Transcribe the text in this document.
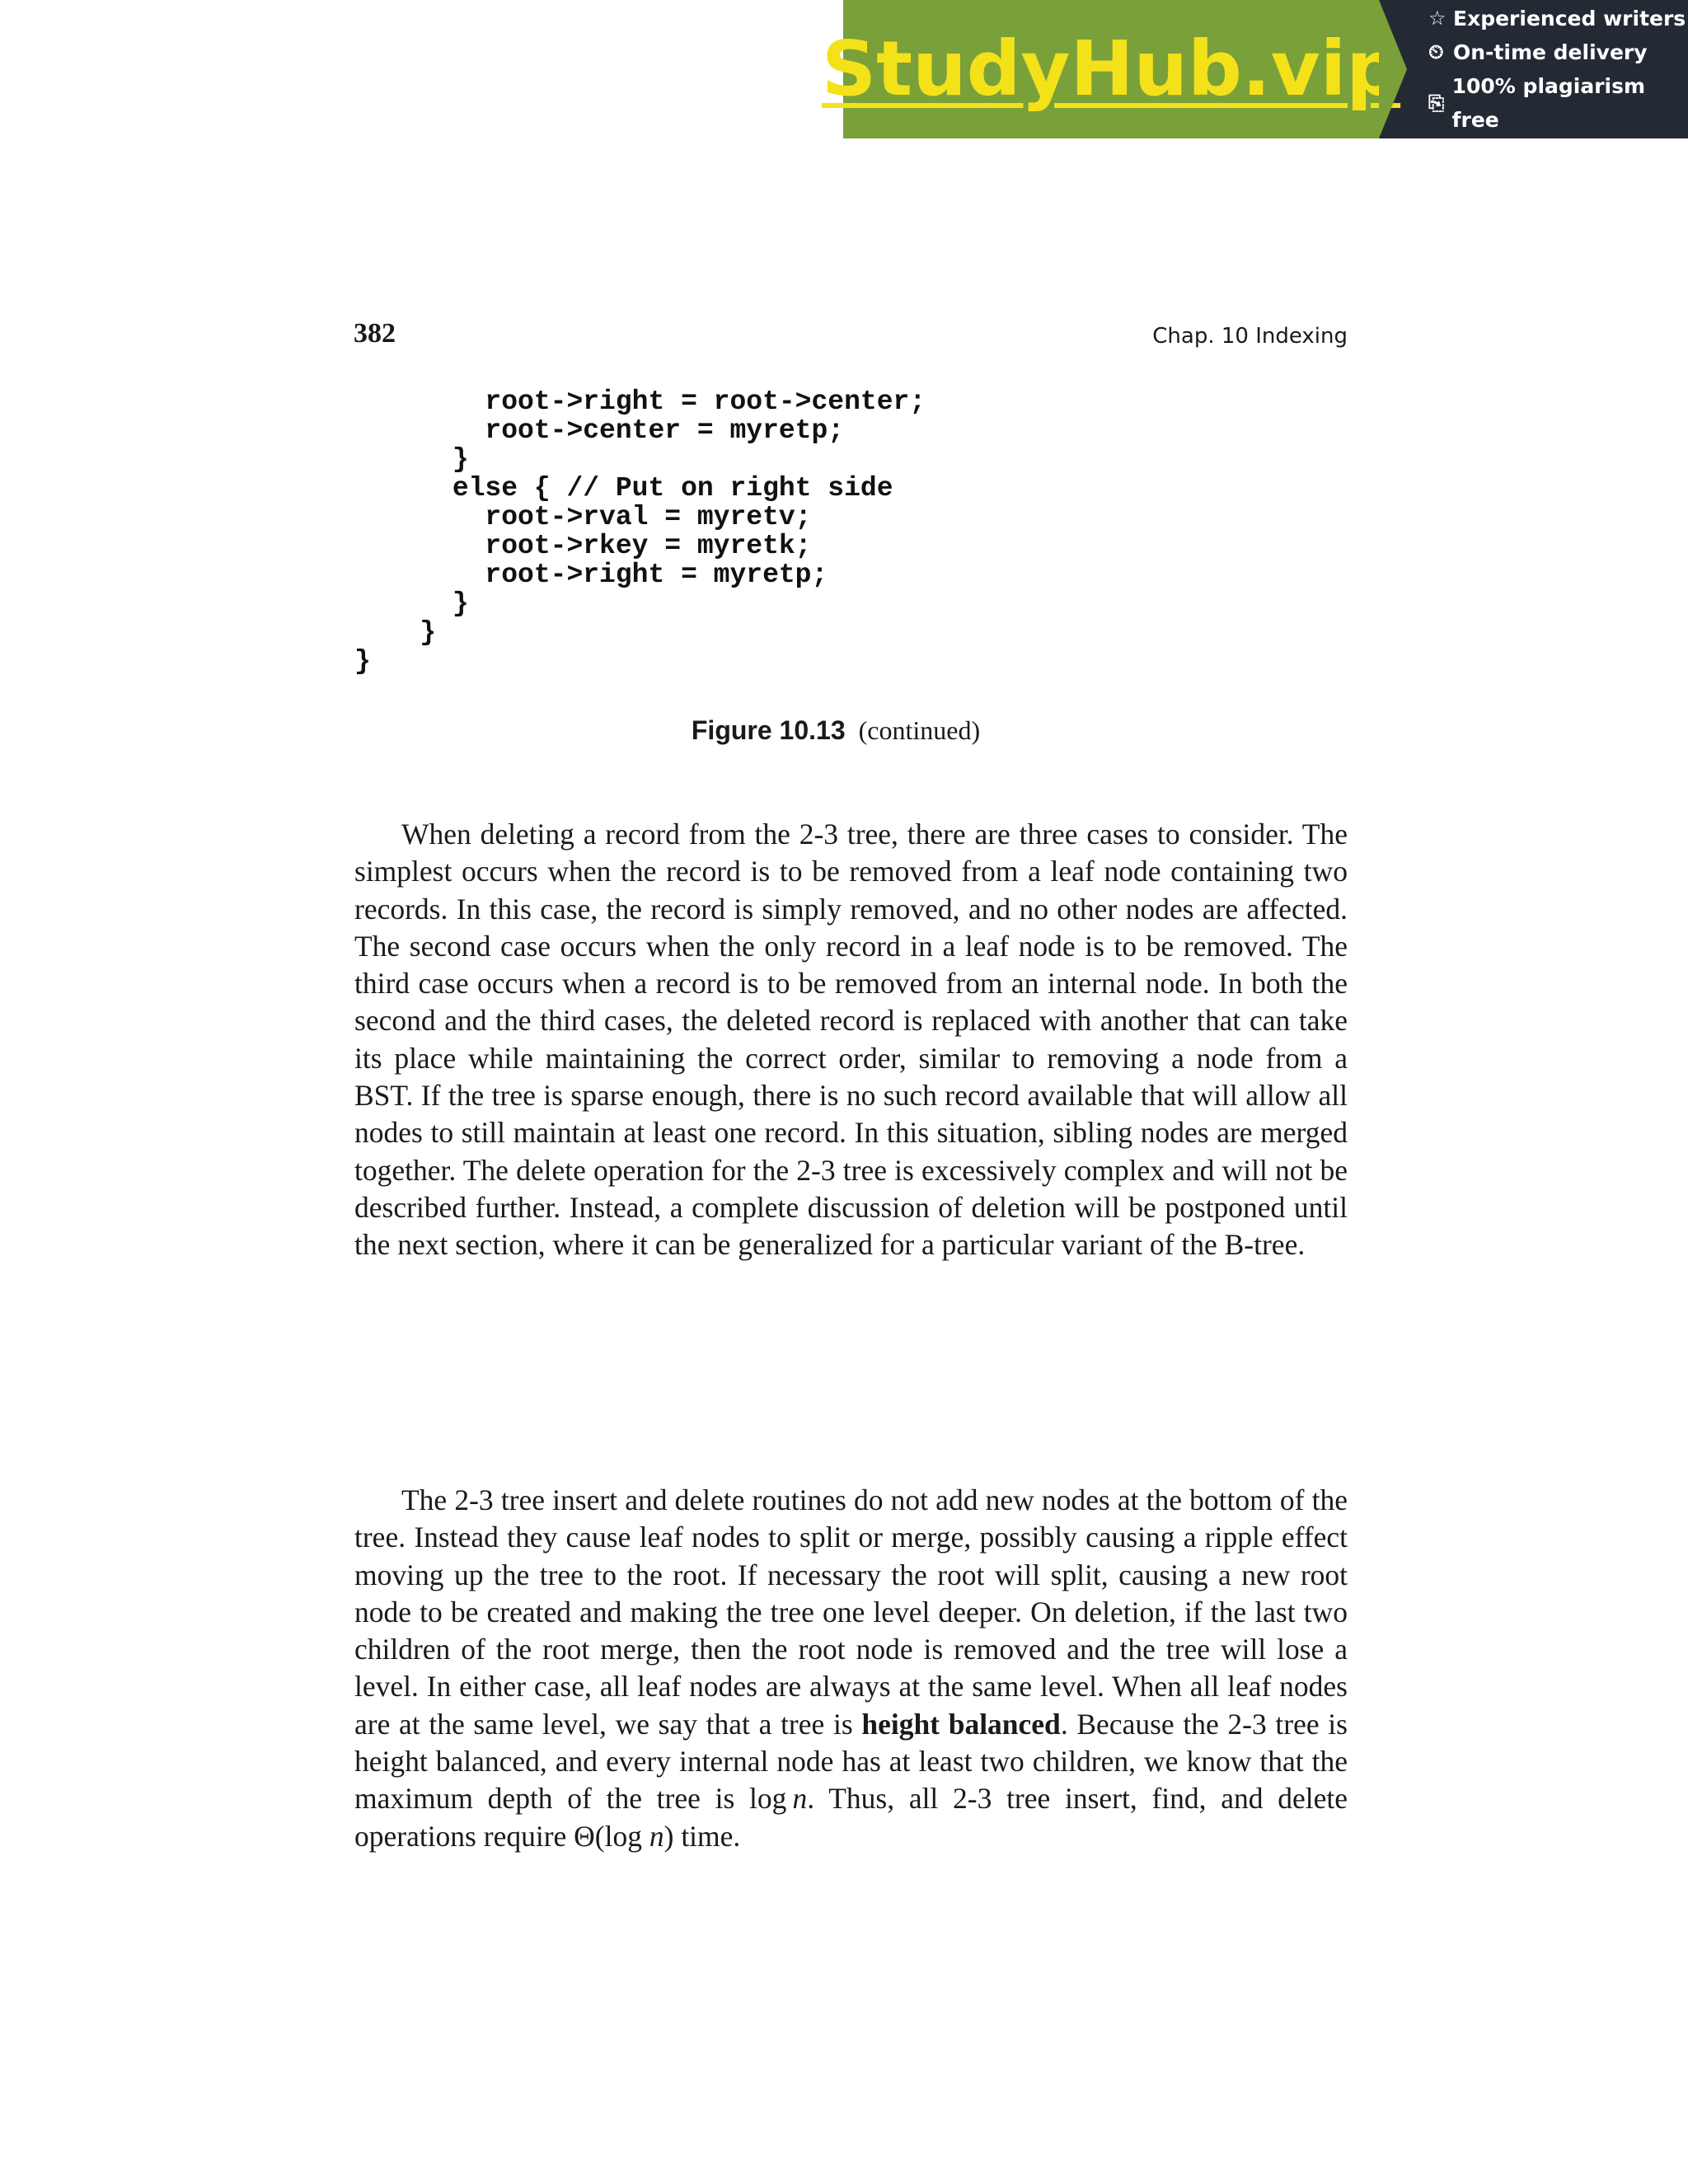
StudyHub.vip
☆ Experienced writers
⏲ On-time delivery
⎘
100% plagiarism free
382	Chap. 10 Indexing
root->right = root->center;
root->center = myretp;
}
else { // Put on right side
root->rval = myretv;
root->rkey = myretk;
root->right = myretp;
}
}
}
Figure 10.13 (continued)

When deleting a record from the 2-3 tree, there are three cases to consider. The simplest occurs when the record is to be removed from a leaf node containing two records. In this case, the record is simply removed, and no other nodes are affected. The second case occurs when the only record in a leaf node is to be removed. The third case occurs when a record is to be removed from an internal node. In both the second and the third cases, the deleted record is replaced with another that can take its place while maintaining the correct order, similar to removing a node from a BST. If the tree is sparse enough, there is no such record available that will allow all nodes to still maintain at least one record. In this situation, sibling nodes are merged together. The delete operation for the 2-3 tree is excessively complex and will not be described further. Instead, a complete discussion of deletion will be postponed until the next section, where it can be generalized for a particular variant of the B-tree.

The 2-3 tree insert and delete routines do not add new nodes at the bottom of the tree. Instead they cause leaf nodes to split or merge, possibly causing a ripple effect moving up the tree to the root. If necessary the root will split, causing a new root node to be created and making the tree one level deeper. On deletion, if the last two children of the root merge, then the root node is removed and the tree will lose a level. In either case, all leaf nodes are always at the same level. When all leaf nodes are at the same level, we say that a tree is height balanced. Because the 2-3 tree is height balanced, and every internal node has at least two children, we know that the maximum depth of the tree is log  n. Thus, all 2-3 tree insert, find, and delete operations require Θ(log n) time.
